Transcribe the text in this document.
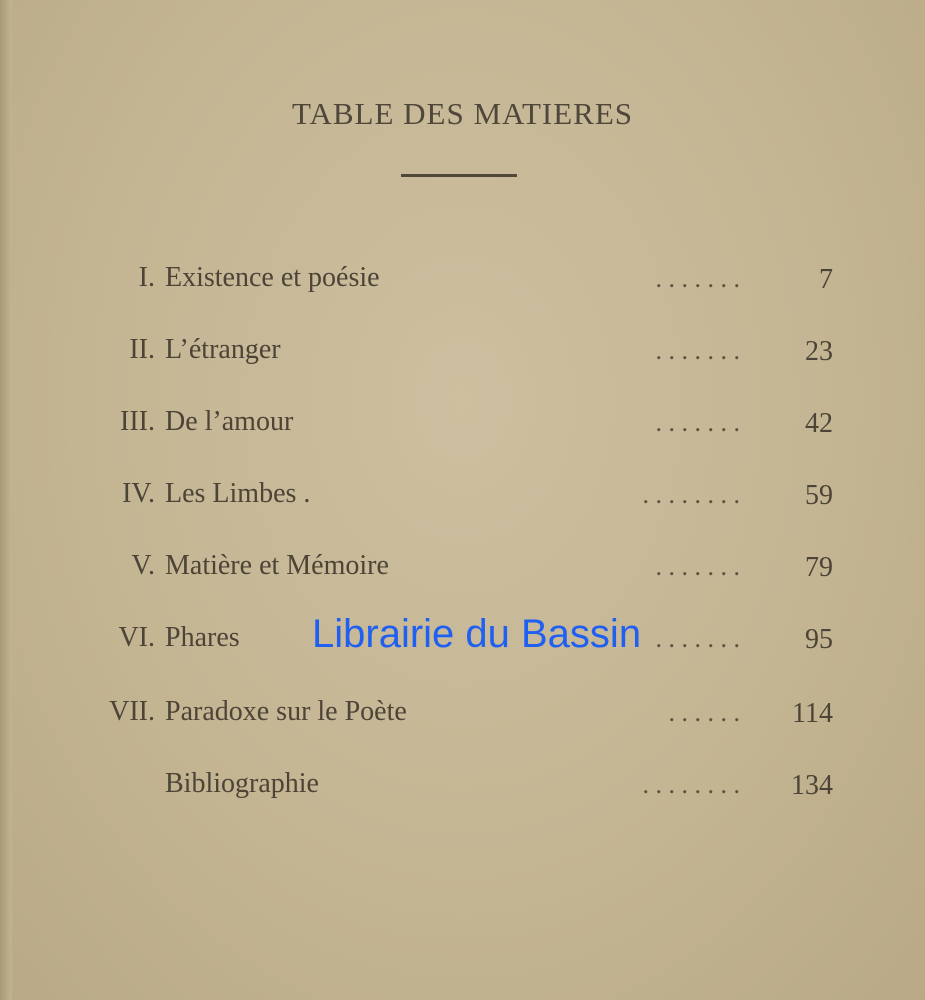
TABLE DES MATIERES
I. Existence et poésie	. . . . . . .	7
II. L’étranger	. . . . . . . 23
III. De l’amour	. . . . . . . 42
IV. Les Limbes .	. . . . . . . . 59
V. Matière et Mémoire	. . . . . . . 79
VI. Phares	. . . . . . . 95
VII. Paradoxe sur le Poète	. . . . . . 114
Bibliographie	. . . . . . . . 134
Librairie du Bassin
